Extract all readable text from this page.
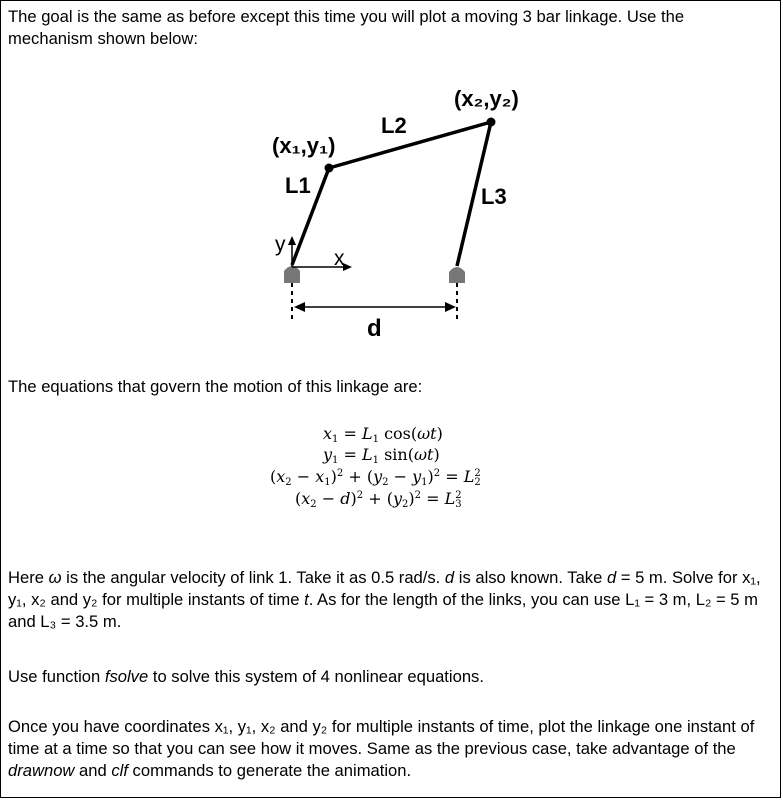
The goal is the same as before except this time you will plot a moving 3 bar linkage. Use the
mechanism shown below:
(x₂,y₂)
L2
(x₁,y₁)
L1	L3
y
x
d
The equations that govern the motion of this linkage are:
$x_1 = L_1$ cos(ωt)
$y_1 = L_1$ sin(ωt)
$(x_2 - x_1)^2 + (y_2 - y_1)^2 = L$ 2
2
$(x_2 - d)^2 + (y_2)^2 = L$ 2
3
Here ω is the angular velocity of link 1. Take it as 0.5 rad/s. d is also known. Take d = 5 m. Solve for x₁, y₁, x₂ and y₂ for multiple instants of time t. As for the length of the links, you can use L₁ = 3 m, L₂ = 5 m and L₃ = 3.5 m.
Use function fsolve to solve this system of 4 nonlinear equations.
Once you have coordinates x₁, y₁, x₂ and y₂ for multiple instants of time, plot the linkage one instant of time at a time so that you can see how it moves. Same as the previous case, take advantage of the drawnow and clf commands to generate the animation.
